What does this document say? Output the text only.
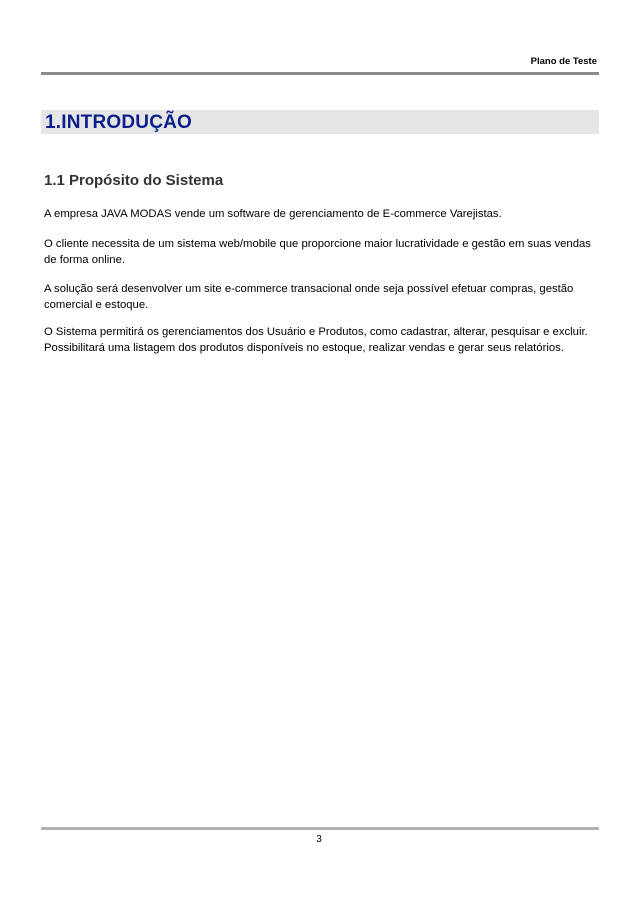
Plano de Teste
1.INTRODUÇÃO
1.1 Propósito do Sistema

A empresa JAVA MODAS vende um software de gerenciamento de E-commerce Varejistas.

O cliente necessita de um sistema web/mobile que proporcione maior lucratividade e gestão em suas vendas de forma online.

A solução será desenvolver um site e-commerce transacional onde seja possível efetuar compras, gestão comercial e estoque.

O Sistema permitirá os gerenciamentos dos Usuário e Produtos, como cadastrar, alterar, pesquisar e excluir. Possibilitará uma listagem dos produtos disponíveis no estoque, realizar vendas e gerar seus relatórios.

3
